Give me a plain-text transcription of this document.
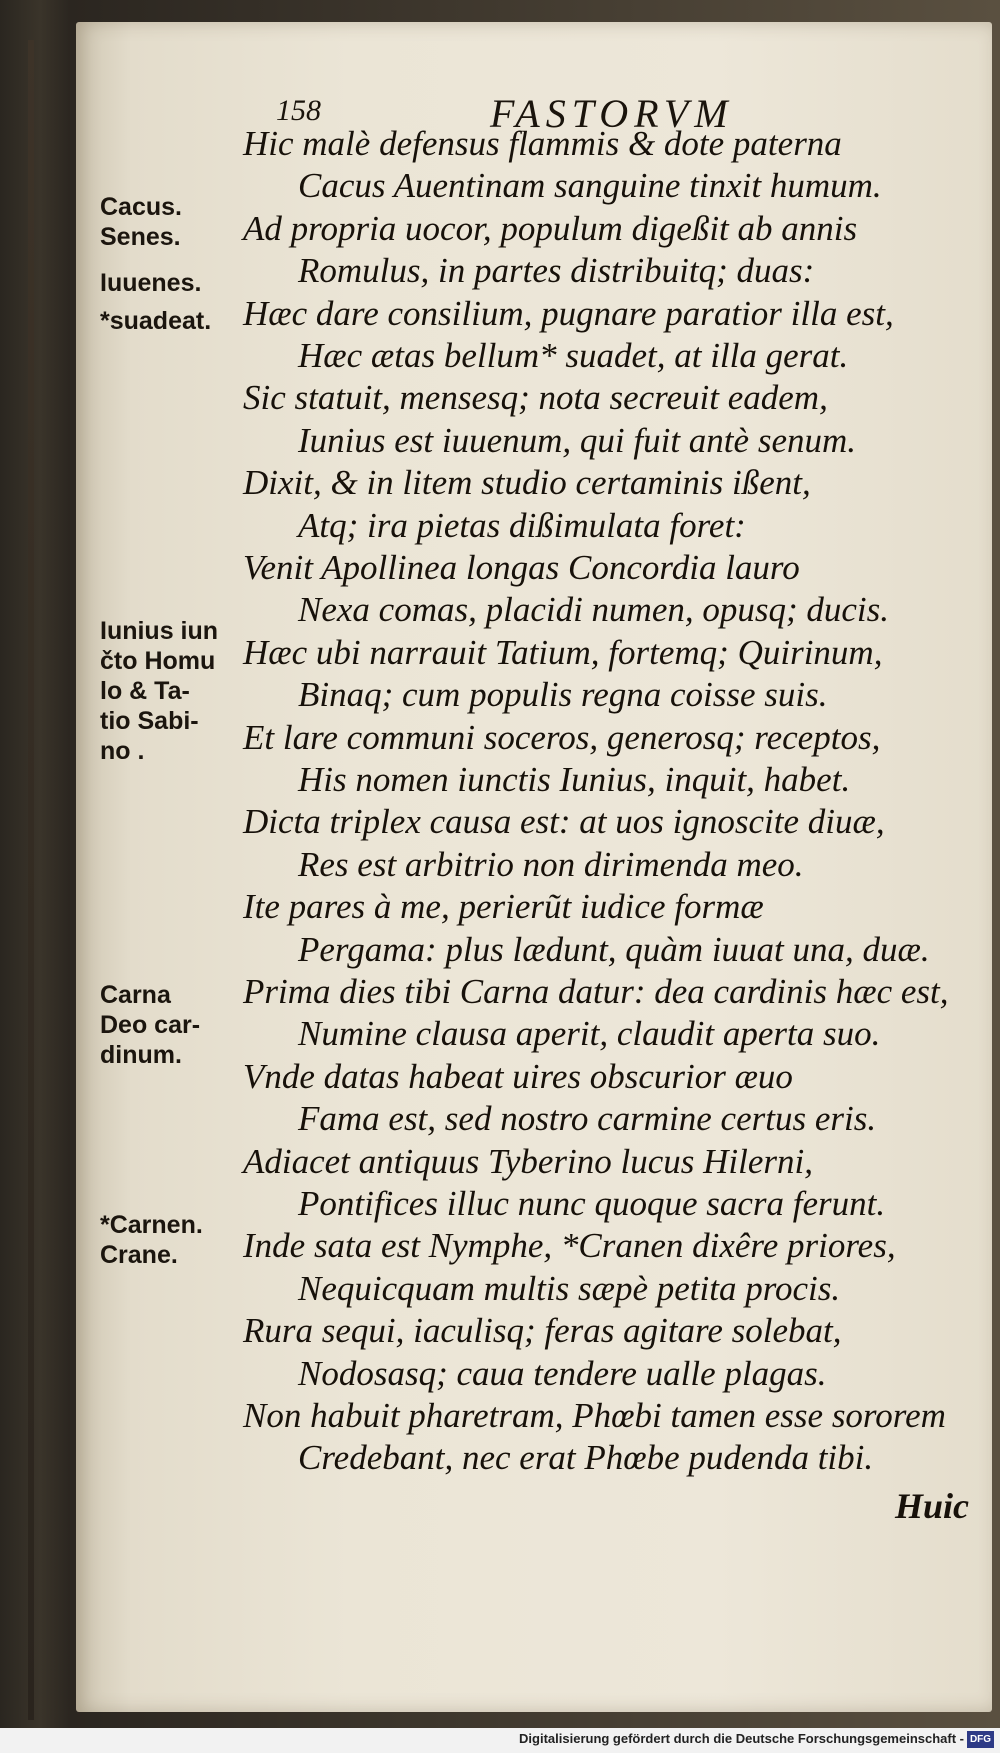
158	FASTORVM
Hic malè defensus flammis & dote paterna
Cacus Auentinam sanguine tinxit humum.
Ad propria uocor, populum digeßit ab annis
Romulus, in partes distribuitq; duas:
Hæc dare consilium, pugnare paratior illa est,
Hæc ætas bellum* suadet, at illa gerat.
Sic statuit, mensesq; nota secreuit eadem,
Iunius est iuuenum, qui fuit antè senum.
Dixit, & in litem studio certaminis ißent,
Atq; ira pietas dißimulata foret:
Venit Apollinea longas Concordia lauro
Nexa comas, placidi numen, opusq; ducis.
Hæc ubi narrauit Tatium, fortemq; Quirinum,
Binaq; cum populis regna coisse suis.
Et lare communi soceros, generosq; receptos,
His nomen iunctis Iunius, inquit, habet.
Dicta triplex causa est: at uos ignoscite diuæ,
Res est arbitrio non dirimenda meo.
Ite pares à me, perierũt iudice formæ
Pergama: plus lædunt, quàm iuuat una, duæ.
Prima dies tibi Carna datur: dea cardinis hæc est,
Numine clausa aperit, claudit aperta suo.
Vnde datas habeat uires obscurior æuo
Fama est, sed nostro carmine certus eris.
Adiacet antiquus Tyberino lucus Hilerni,
Pontifices illuc nunc quoque sacra ferunt.
Inde sata est Nymphe, *Cranen dixêre priores,
Nequicquam multis sæpè petita procis.
Rura sequi, iaculisq; feras agitare solebat,
Nodosasq; caua tendere ualle plagas.
Non habuit pharetram, Phœbi tamen esse sororem
Credebant, nec erat Phœbe pudenda tibi.
Cacus.
Senes.
Iuuenes.
*suadeat.
Iunius iun
čto Homu
lo & Ta-
tio Sabi-
no .
Carna
Deo car-
dinum.
*Carnen.
Crane.
Huic
Digitalisierung gefördert durch die Deutsche Forschungsgemeinschaft - DFG
